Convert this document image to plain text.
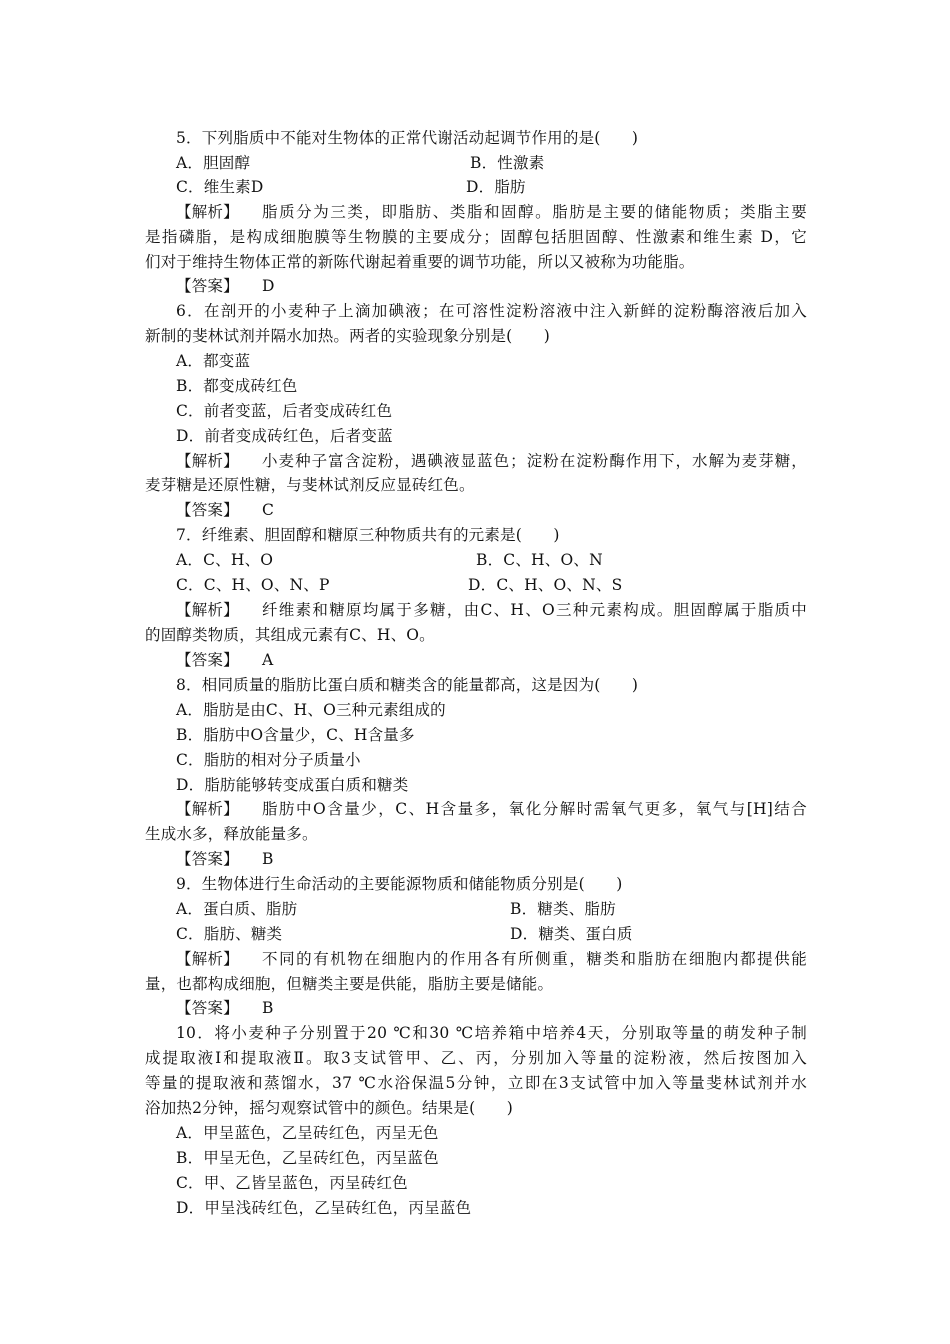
5．下列脂质中不能对生物体的正常代谢活动起调节作用的是(　　)
A．胆固醇	B．性激素
C．维生素D	D．脂肪
【解析】 脂质分为三类，即脂肪、类脂和固醇。脂肪是主要的储能物质；类脂主要
是指磷脂，是构成细胞膜等生物膜的主要成分；固醇包括胆固醇、性激素和维生素 D，它
们对于维持生物体正常的新陈代谢起着重要的调节功能，所以又被称为功能脂。
【答案】 D
6．在剖开的小麦种子上滴加碘液；在可溶性淀粉溶液中注入新鲜的淀粉酶溶液后加入
新制的斐林试剂并隔水加热。两者的实验现象分别是(　　)
A．都变蓝
B．都变成砖红色
C．前者变蓝，后者变成砖红色
D．前者变成砖红色，后者变蓝
【解析】 小麦种子富含淀粉，遇碘液显蓝色；淀粉在淀粉酶作用下，水解为麦芽糖，
麦芽糖是还原性糖，与斐林试剂反应显砖红色。
【答案】 C
7．纤维素、胆固醇和糖原三种物质共有的元素是(　　)
A．C、H、O	B．C、H、O、N
C．C、H、O、N、P	D．C、H、O、N、S
【解析】 纤维素和糖原均属于多糖，由C、H、O三种元素构成。胆固醇属于脂质中
的固醇类物质，其组成元素有C、H、O。
【答案】 A
8．相同质量的脂肪比蛋白质和糖类含的能量都高，这是因为(　　)
A．脂肪是由C、H、O三种元素组成的
B．脂肪中O含量少，C、H含量多
C．脂肪的相对分子质量小
D．脂肪能够转变成蛋白质和糖类
【解析】 脂肪中O含量少，C、H含量多，氧化分解时需氧气更多，氧气与[H]结合
生成水多，释放能量多。
【答案】 B
9．生物体进行生命活动的主要能源物质和储能物质分别是(　　)
A．蛋白质、脂肪	B．糖类、脂肪
C．脂肪、糖类	D．糖类、蛋白质
【解析】 不同的有机物在细胞内的作用各有所侧重，糖类和脂肪在细胞内都提供能
量，也都构成细胞，但糖类主要是供能，脂肪主要是储能。
【答案】 B
10．将小麦种子分别置于20 ℃和30 ℃培养箱中培养4天，分别取等量的萌发种子制
成提取液Ⅰ和提取液Ⅱ。取3支试管甲、乙、丙，分别加入等量的淀粉液，然后按图加入
等量的提取液和蒸馏水，37 ℃水浴保温5分钟，立即在3支试管中加入等量斐林试剂并水
浴加热2分钟，摇匀观察试管中的颜色。结果是(　　)
A．甲呈蓝色，乙呈砖红色，丙呈无色
B．甲呈无色，乙呈砖红色，丙呈蓝色
C．甲、乙皆呈蓝色，丙呈砖红色
D．甲呈浅砖红色，乙呈砖红色，丙呈蓝色
